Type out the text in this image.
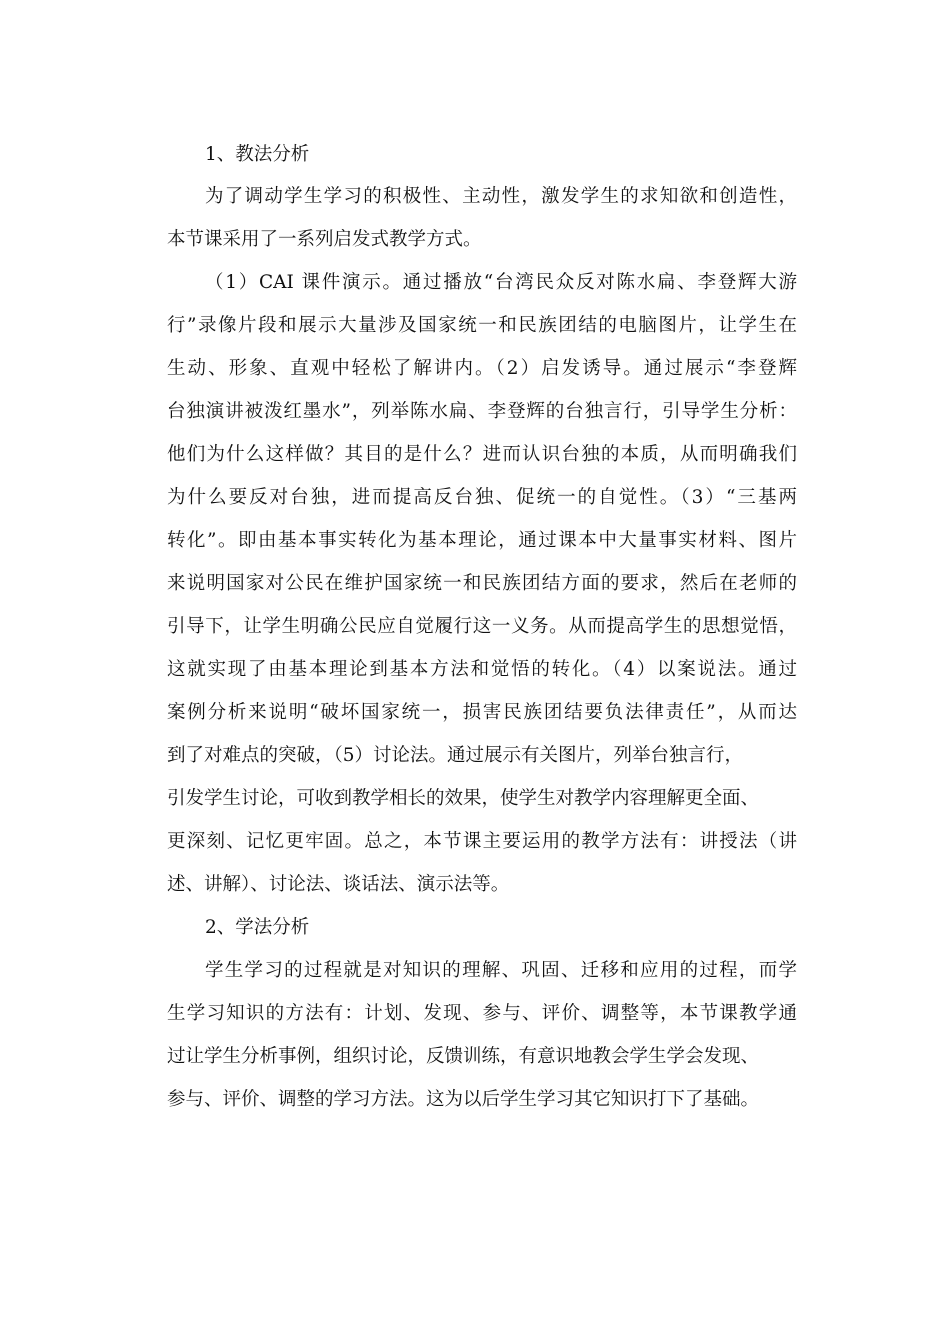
1、教法分析
为了调动学生学习的积极性、主动性，激发学生的求知欲和创造性，
本节课采用了一系列启发式教学方式。
（1）CAI 课件演示。通过播放“台湾民众反对陈水扁、李登辉大游
行”录像片段和展示大量涉及国家统一和民族团结的电脑图片，让学生在
生动、形象、直观中轻松了解讲内。（2）启发诱导。通过展示“李登辉
台独演讲被泼红墨水”，列举陈水扁、李登辉的台独言行，引导学生分析：
他们为什么这样做？其目的是什么？进而认识台独的本质，从而明确我们
为什么要反对台独，进而提高反台独、促统一的自觉性。（3）“三基两
转化”。即由基本事实转化为基本理论，通过课本中大量事实材料、图片
来说明国家对公民在维护国家统一和民族团结方面的要求，然后在老师的
引导下，让学生明确公民应自觉履行这一义务。从而提高学生的思想觉悟，
这就实现了由基本理论到基本方法和觉悟的转化。（4）以案说法。通过
案例分析来说明“破坏国家统一，损害民族团结要负法律责任”，从而达
到了对难点的突破，（5）讨论法。通过展示有关图片，列举台独言行，
引发学生讨论，可收到教学相长的效果，使学生对教学内容理解更全面、
更深刻、记忆更牢固。总之，本节课主要运用的教学方法有：讲授法（讲
述、讲解）、讨论法、谈话法、演示法等。
2、学法分析
学生学习的过程就是对知识的理解、巩固、迁移和应用的过程，而学
生学习知识的方法有：计划、发现、参与、评价、调整等，本节课教学通
过让学生分析事例，组织讨论，反馈训练，有意识地教会学生学会发现、
参与、评价、调整的学习方法。这为以后学生学习其它知识打下了基础。
